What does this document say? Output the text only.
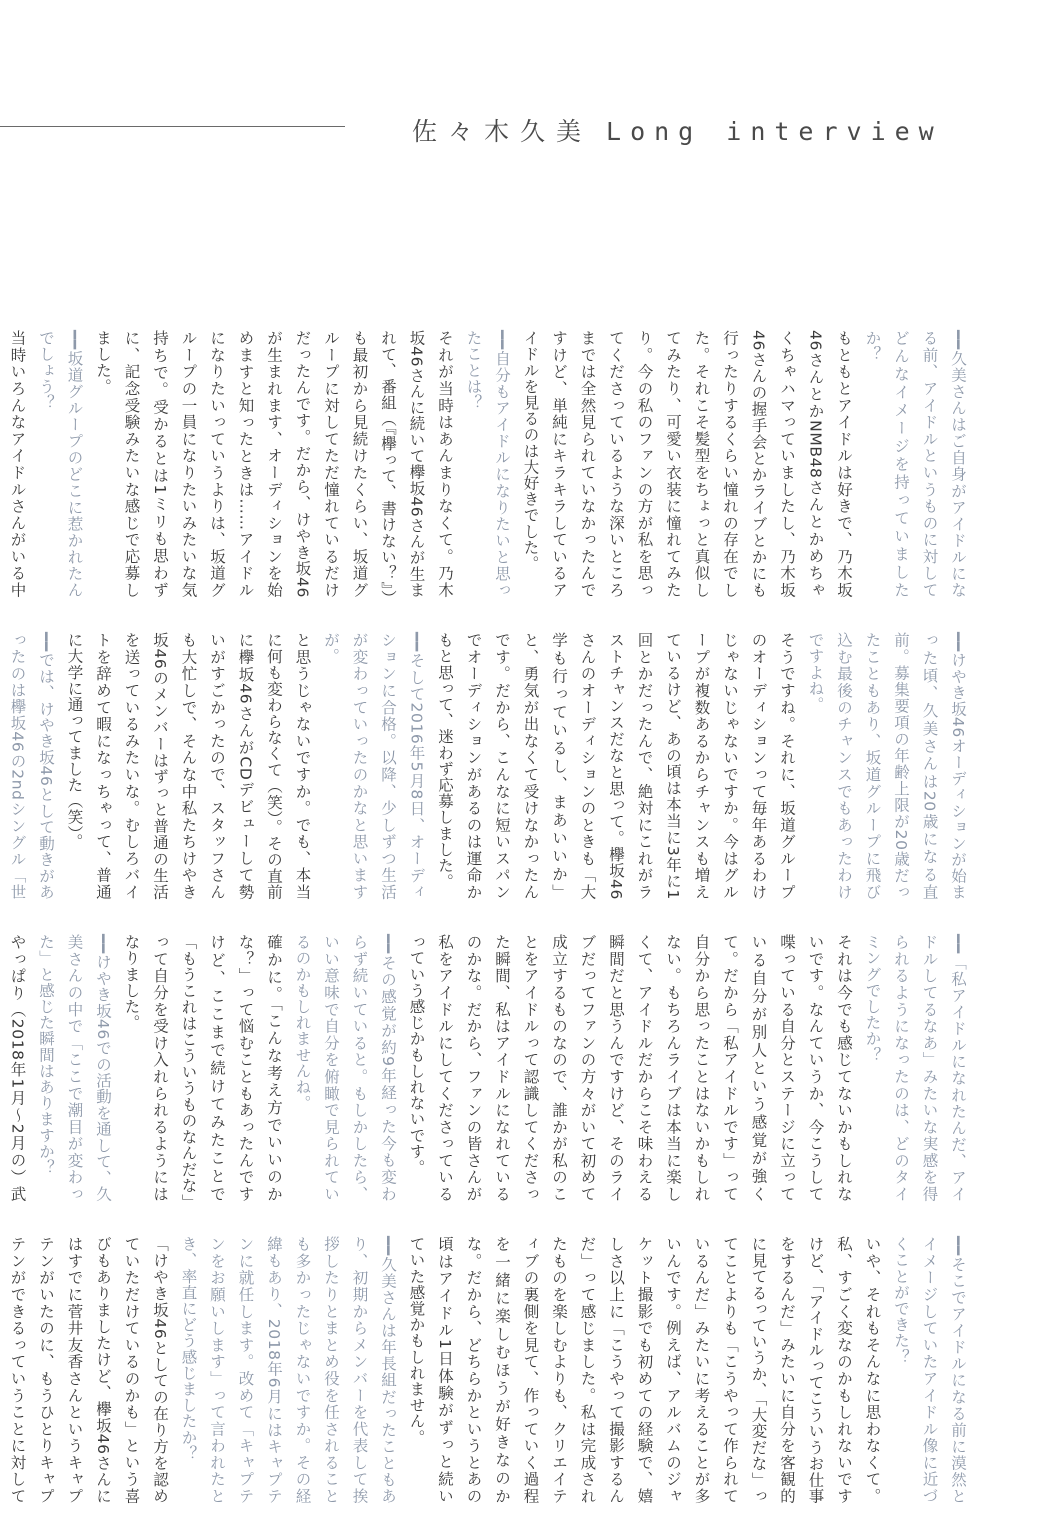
佐々木久美 Long interview

━━久美さんはご自身がアイドルになる前、アイドルというものに対してどんなイメージを持っていましたか？

もともとアイドルは好きで、乃木坂46さんとかNMB48さんとかめちゃくちゃハマっていましたし、乃木坂46さんの握手会とかライブとかにも行ったりするくらい憧れの存在でした。それこそ髪型をちょっと真似してみたり、可愛い衣装に憧れてみたり。今の私のファンの方が私を思ってくださっているような深いところまでは全然見られていなかったんですけど、単純にキラキラしているアイドルを見るのは大好きでした。

━━自分もアイドルになりたいと思ったことは？

それが当時はあんまりなくて。乃木坂46さんに続いて欅坂46さんが生まれて、番組（『欅って、書けない？』）も最初から見続けたくらい、坂道グループに対してただ憧れているだけだったんです。だから、けやき坂46が生まれます、オーディションを始めますと知ったときは……アイドルになりたいっていうよりは、坂道グループの一員になりたいみたいな気持ちで。受かるとは1ミリも思わずに、記念受験みたいな感じで応募しました。

━━坂道グループのどこに惹かれたんでしょう？

当時いろんなアイドルさんがいる中

━━けやき坂46オーディションが始まった頃、久美さんは20歳になる直前。募集要項の年齢上限が20歳だったこともあり、坂道グループに飛び込む最後のチャンスでもあったわけですよね。

そうですね。それに、坂道グループのオーディションって毎年あるわけじゃないじゃないですか。今はグループが複数あるからチャンスも増えているけど、あの頃は本当に3年に1回とかだったんで、絶対にこれがラストチャンスだなと思って。欅坂46さんのオーディションのときも「大学も行っているし、まあいいか」と、勇気が出なくて受けなかったんです。だから、こんなに短いスパンでオーディションがあるのは運命かもと思って、迷わず応募しました。

━━そして2016年5月8日、オーディションに合格。以降、少しずつ生活が変わっていったのかなと思いますが。

と思うじゃないですか。でも、本当に何も変わらなくて（笑）。その直前に欅坂46さんがCDデビューして勢いがすごかったので、スタッフさんも大忙しで、そんな中私たちけやき坂46のメンバーはずっと普通の生活を送っているみたいな。むしろバイトを辞めて暇になっちゃって、普通に大学に通ってました（笑）。

━━では、けやき坂46として動きがあったのは欅坂46の2ndシングル「世

━━「私アイドルになれたんだ、アイドルしてるなあ」みたいな実感を得られるようになったのは、どのタイミングでしたか？

それは今でも感じてないかもしれないです。なんていうか、今こうして喋っている自分とステージに立っている自分が別人という感覚が強くて。だから「私アイドルです」って自分から思ったことはないかもしれない。もちろんライブは本当に楽しくて、アイドルだからこそ味わえる瞬間だと思うんですけど、そのライブだってファンの方々がいて初めて成立するものなので、誰かが私のことをアイドルって認識してくださった瞬間、私はアイドルになれているのかな。だから、ファンの皆さんが私をアイドルにしてくださっているっていう感じかもしれないです。

━━その感覚が約9年経った今も変わらず続いていると。もしかしたら、いい意味で自分を俯瞰で見られているのかもしれませんね。

確かに。「こんな考え方でいいのかな？」って悩むこともあったんですけど、ここまで続けてみたことで「もうこれはこういうものなんだな」って自分を受け入れられるようにはなりました。

━━けやき坂46での活動を通して、久美さんの中で「ここで潮目が変わった」と感じた瞬間はありますか？

やっぱり（2018年1月〜2月の）武

━━そこでアイドルになる前に漠然とイメージしていたアイドル像に近づくことができた？

いや、それもそんなに思わなくて。私、すごく変なのかもしれないですけど、「アイドルってこういうお仕事をするんだ」みたいに自分を客観的に見てるっていうか、「大変だな」ってことよりも「こうやって作られているんだ」みたいに考えることが多いんです。例えば、アルバムのジャケット撮影でも初めての経験で、嬉しさ以上に「こうやって撮影するんだ」って感じました。私は完成されたものを楽しむよりも、クリエイティブの裏側を見て、作っていく過程を一緒に楽しむほうが好きなのかな。だから、どちらかというとあの頃はアイドル1日体験がずっと続いていた感覚かもしれません。

━━久美さんは年長組だったこともあり、初期からメンバーを代表して挨拶したりとまとめ役を任されることも多かったじゃないですか。その経緯もあり、2018年6月にはキャプテンに就任します。改めて「キャプテンをお願いします」って言われたとき、率直にどう感じましたか？

「けやき坂46としての在り方を認めていただけているのかも」という喜びもありましたけど、欅坂46さんにはすでに菅井友香さんというキャプテンがいたのに、もうひとりキャプテンができるっていうことに対して
